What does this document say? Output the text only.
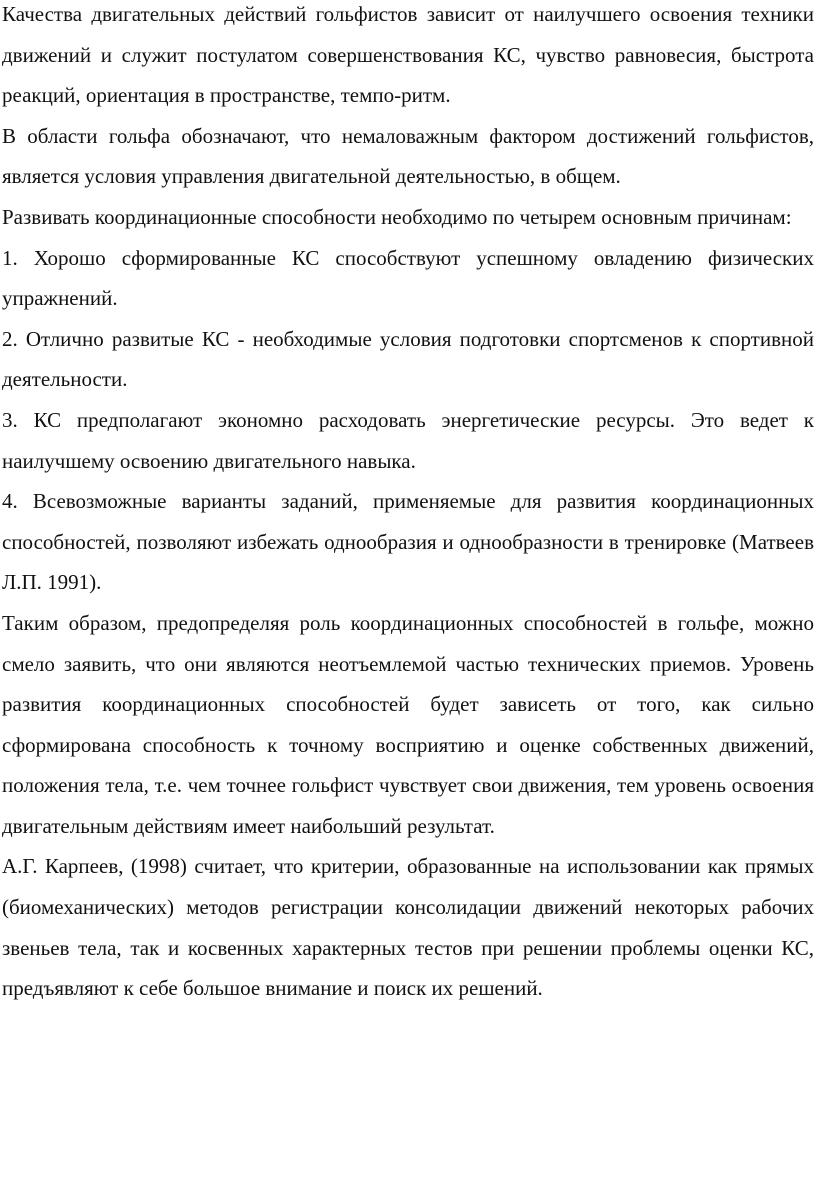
Качества двигательных действий гольфистов зависит от наилучшего освоения техники движений и служит постулатом совершенствования КС, чувство равновесия, быстрота реакций, ориентация в пространстве, темпо-ритм.

В области гольфа обозначают, что немаловажным фактором достижений гольфистов, является условия управления двигательной деятельностью, в общем.

Развивать координационные способности необходимо по четырем основным причинам:

1. Хорошо сформированные КС способствуют успешному овладению физических упражнений.

2. Отлично развитые КС - необходимые условия подготовки спортсменов к спортивной деятельности.

3. КС предполагают экономно расходовать энергетические ресурсы. Это ведет к наилучшему освоению двигательного навыка.

4. Всевозможные варианты заданий, применяемые для развития координационных способностей, позволяют избежать однообразия и однообразности в тренировке (Матвеев Л.П. 1991).

Таким образом, предопределяя роль координационных способностей в гольфе, можно смело заявить, что они являются неотъемлемой частью технических приемов. Уровень развития координационных способностей будет зависеть от того, как сильно сформирована способность к точному восприятию и оценке собственных движений, положения тела, т.е. чем точнее гольфист чувствует свои движения, тем уровень освоения двигательным действиям имеет наибольший результат.

А.Г. Карпеев, (1998) считает, что критерии, образованные на использовании как прямых (биомеханических) методов регистрации консолидации движений некоторых рабочих звеньев тела, так и косвенных характерных тестов при решении проблемы оценки КС, предъявляют к себе большое внимание и поиск их решений.
